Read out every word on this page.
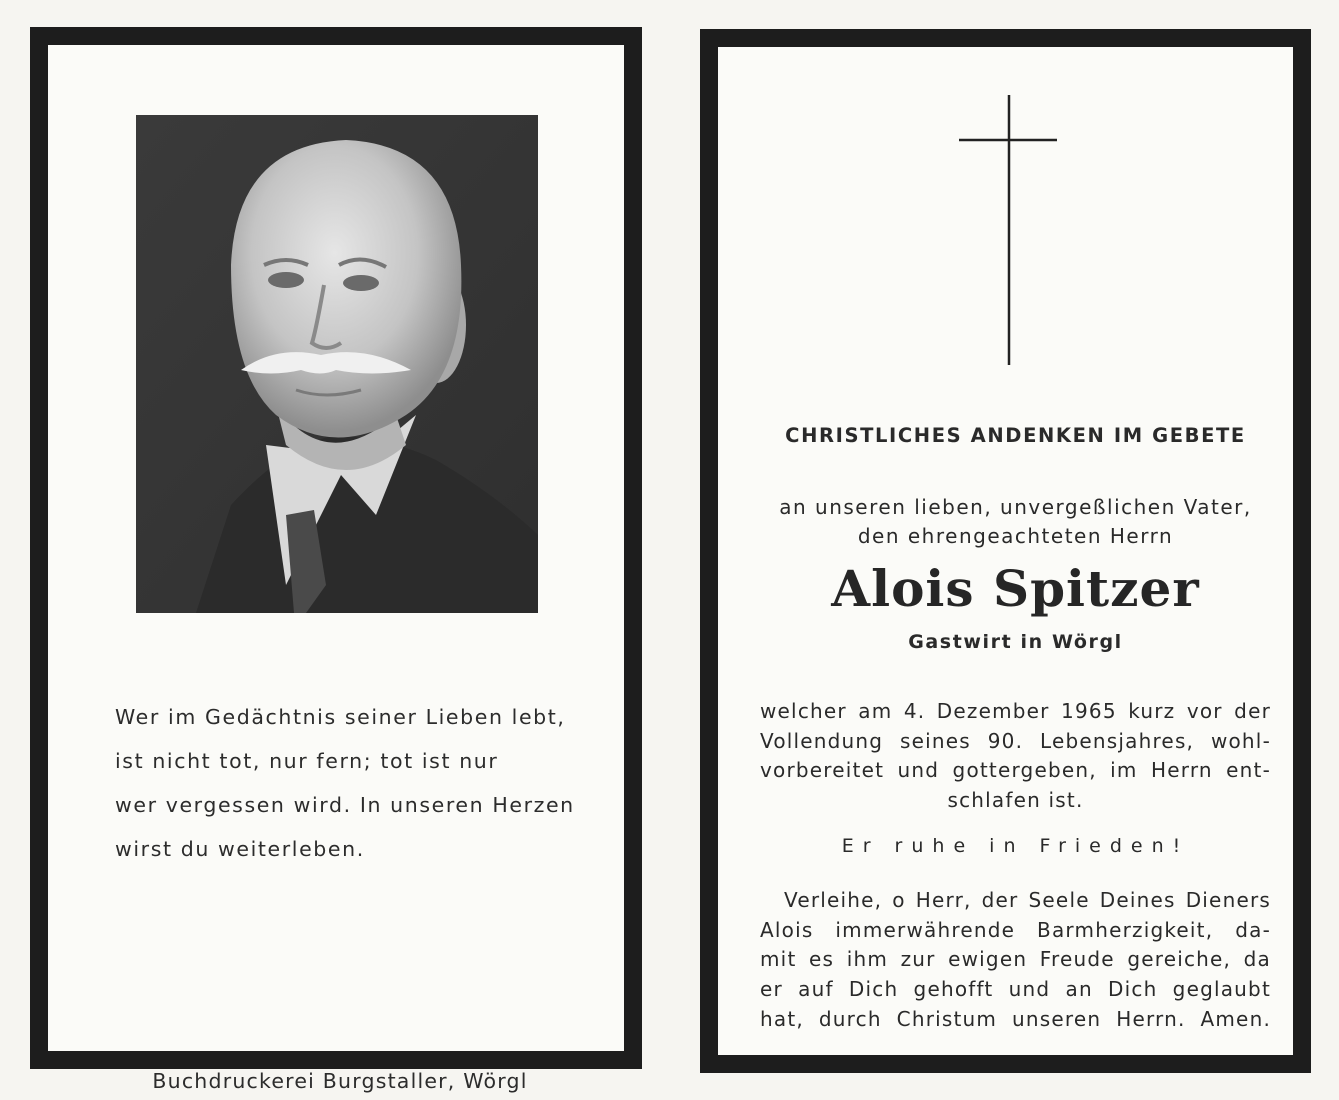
Wer im Gedächtnis seiner Lieben lebt,
ist nicht tot, nur fern; tot ist nur
wer vergessen wird. In unseren Herzen
wirst du weiterleben.

Buchdruckerei Burgstaller, Wörgl

CHRISTLICHES ANDENKEN IM GEBETE

an unseren lieben, unvergeßlichen Vater,
den ehrengeachteten Herrn

Alois Spitzer

Gastwirt in Wörgl

welcher am 4. Dezember 1965 kurz vor der
Vollendung seines 90. Lebensjahres, wohl-
vorbereitet und gottergeben, im Herrn ent-
schlafen ist.

Er ruhe in Frieden!

Verleihe, o Herr, der Seele Deines Dieners
Alois immerwährende Barmherzigkeit, da-
mit es ihm zur ewigen Freude gereiche, da
er auf Dich gehofft und an Dich geglaubt
hat, durch Christum unseren Herrn. Amen.
